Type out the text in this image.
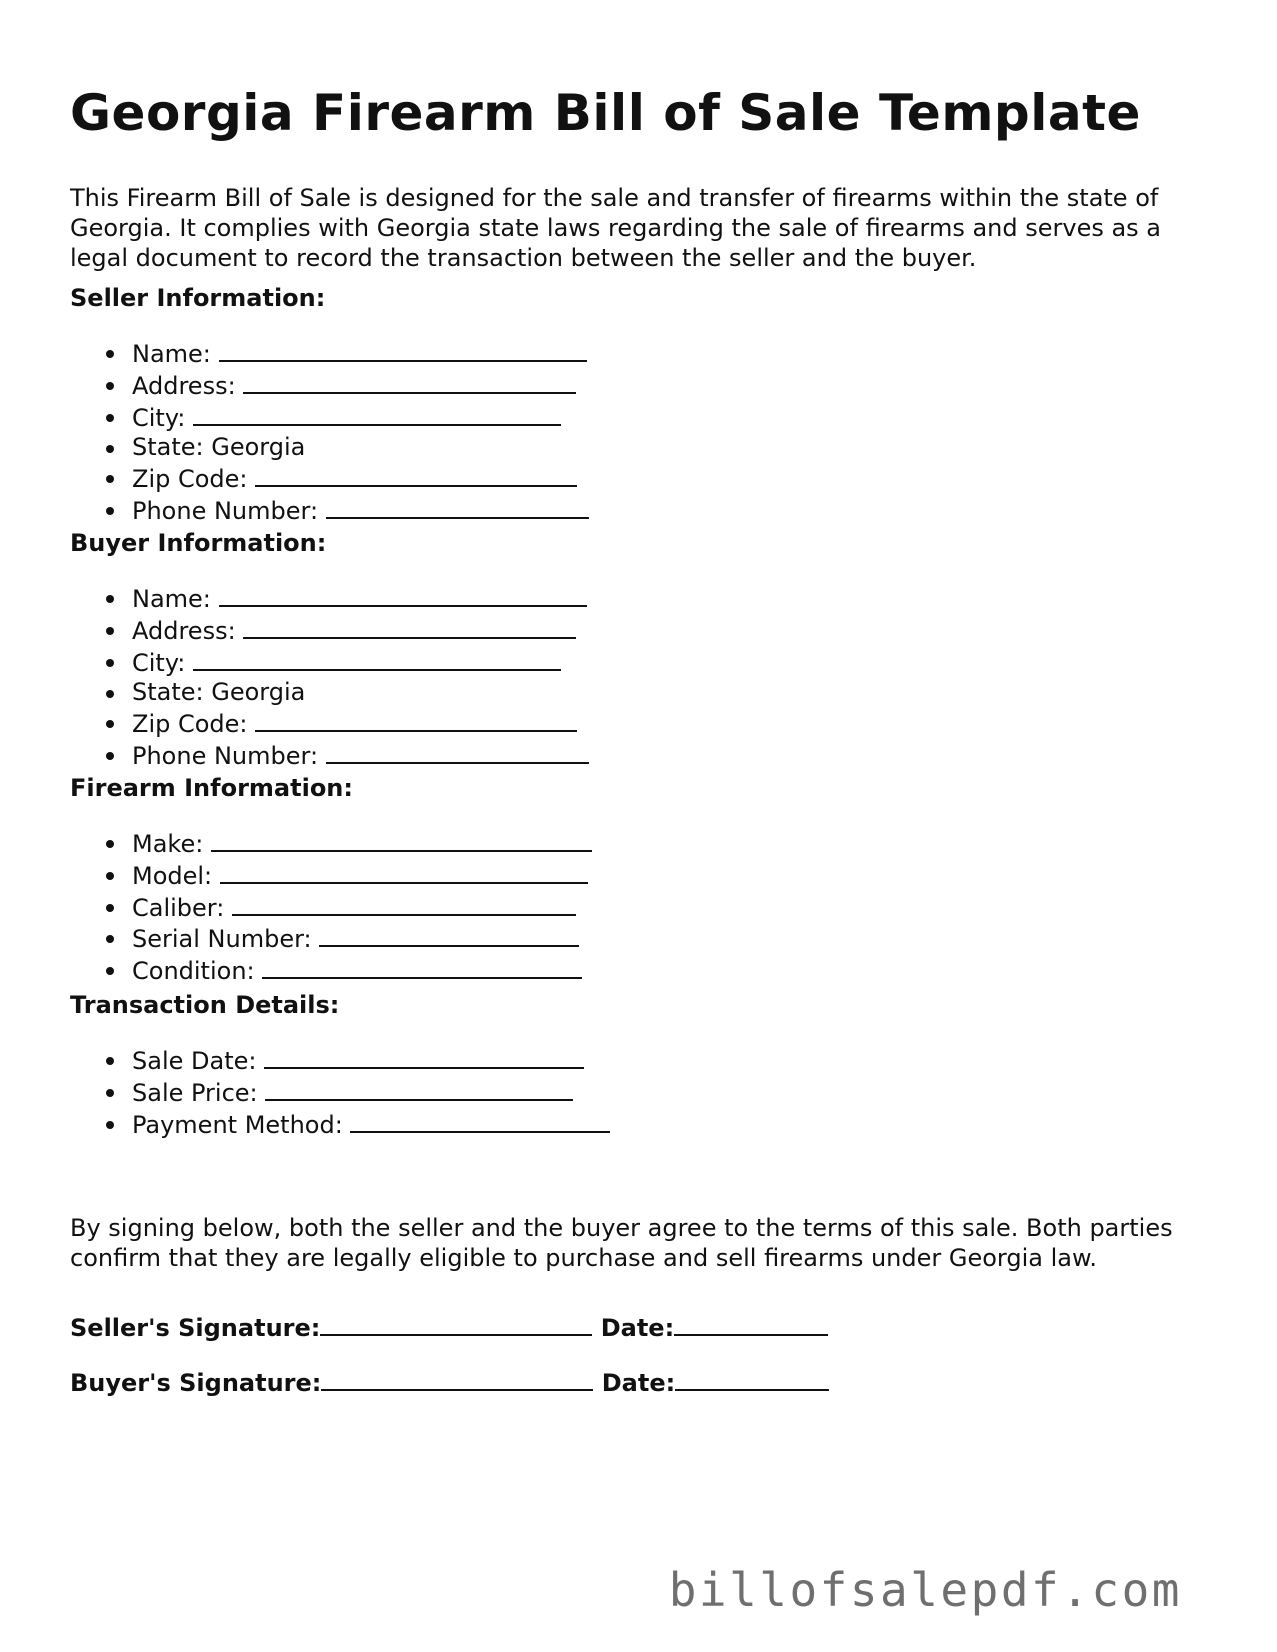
Georgia Firearm Bill of Sale Template

This Firearm Bill of Sale is designed for the sale and transfer of firearms within the state of Georgia. It complies with Georgia state laws regarding the sale of firearms and serves as a legal document to record the transaction between the seller and the buyer.

Seller Information:
Name:
Address:
City:
State: Georgia
Zip Code:
Phone Number:
Buyer Information:
Name:
Address:
City:
State: Georgia
Zip Code:
Phone Number:
Firearm Information:
Make:
Model:
Caliber:
Serial Number:
Condition:
Transaction Details:
Sale Date:
Sale Price:
Payment Method:

By signing below, both the seller and the buyer agree to the terms of this sale. Both parties confirm that they are legally eligible to purchase and sell firearms under Georgia law.

Seller's Signature:	Date:
Buyer's Signature:	Date:
billofsalepdf.com
